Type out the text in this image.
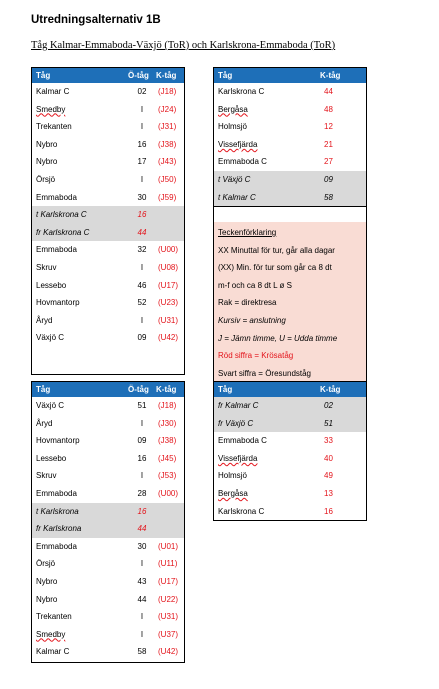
Utredningsalternativ 1B
Tåg Kalmar-Emmaboda-Växjö (ToR) och Karlskrona-Emmaboda (ToR)
Tåg	Ö-tåg K-tåg
Kalmar C	02	(J18)
Smedby	I	(J24)
Trekanten	I	(J31)
Nybro	16	(J38)
Nybro	17	(J43)
Örsjö	I	(J50)
Emmaboda	30	(J59)
t Karlskrona C	16
fr Karlskrona C	44
Emmaboda	32	(U00)
Skruv	I	(U08)
Lessebo	46	(U17)
Hovmantorp	52	(U23)
Åryd	I	(U31)
Växjö C	09	(U42)
Tåg	K-tåg
Karlskrona C	44
Bergåsa	48
Holmsjö	12
Vissefjärda	21
Emmaboda C	27
t Växjö C	09
t Kalmar C	58
Teckenförklaring
XX Minuttal för tur, går alla dagar
(XX) Min. för tur som går ca 8 dt
m-f och ca 8 dt L ø S
Rak = direktresa
Kursiv = anslutning
J = Jämn timme, U = Udda timme
Röd siffra = Krösatåg
Svart siffra = Öresundståg
Tåg	Ö-tåg K-tåg
Växjö C	51	(J18)
Åryd	I	(J30)
Hovmantorp	09	(J38)
Lessebo	16	(J45)
Skruv	I	(J53)
Emmaboda	28	(U00)
t Karlskrona	16
fr Karlskrona	44
Emmaboda	30	(U01)
Örsjö	I	(U11)
Nybro	43	(U17)
Nybro	44	(U22)
Trekanten	I	(U31)
Smedby	I	(U37)
Kalmar C	58	(U42)
Tåg	K-tåg
fr Kalmar C	02
fr Växjö C	51
Emmaboda C	33
Vissefjärda	40
Holmsjö	49
Bergåsa	13
Karlskrona C	16
